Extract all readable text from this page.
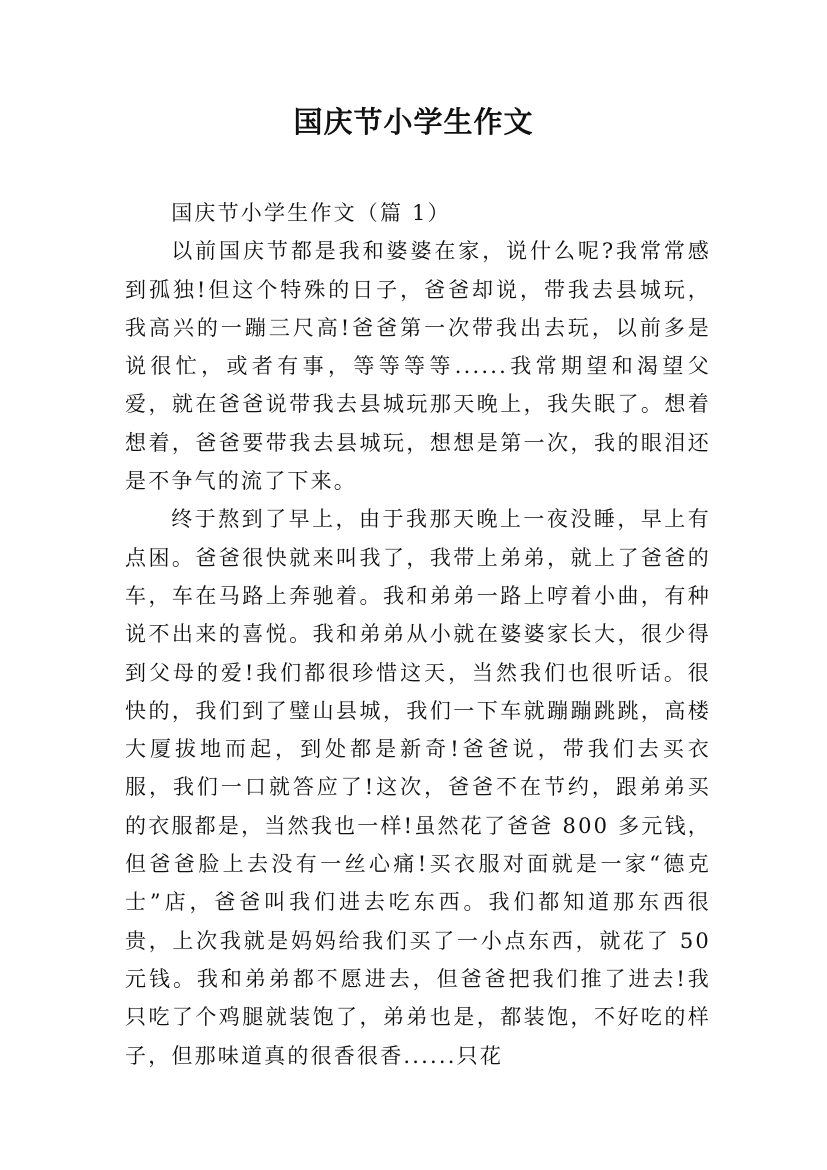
国庆节小学生作文

国庆节小学生作文（篇 1）

以前国庆节都是我和婆婆在家，说什么呢?我常常感到孤独!但这个特殊的日子，爸爸却说，带我去县城玩，我高兴的一蹦三尺高!爸爸第一次带我出去玩，以前多是说很忙，或者有事，等等等等......我常期望和渴望父爱，就在爸爸说带我去县城玩那天晚上，我失眠了。想着想着，爸爸要带我去县城玩，想想是第一次，我的眼泪还是不争气的流了下来。

终于熬到了早上，由于我那天晚上一夜没睡，早上有点困。爸爸很快就来叫我了，我带上弟弟，就上了爸爸的车，车在马路上奔驰着。我和弟弟一路上哼着小曲，有种说不出来的喜悦。我和弟弟从小就在婆婆家长大，很少得到父母的爱!我们都很珍惜这天，当然我们也很听话。很快的，我们到了璧山县城，我们一下车就蹦蹦跳跳，高楼大厦拔地而起，到处都是新奇!爸爸说，带我们去买衣服，我们一口就答应了!这次，爸爸不在节约，跟弟弟买的衣服都是，当然我也一样!虽然花了爸爸 800 多元钱，但爸爸脸上去没有一丝心痛!买衣服对面就是一家“德克士”店，爸爸叫我们进去吃东西。我们都知道那东西很贵，上次我就是妈妈给我们买了一小点东西，就花了 50 元钱。我和弟弟都不愿进去，但爸爸把我们推了进去!我只吃了个鸡腿就装饱了，弟弟也是，都装饱，不好吃的样子，但那味道真的很香很香......只花
